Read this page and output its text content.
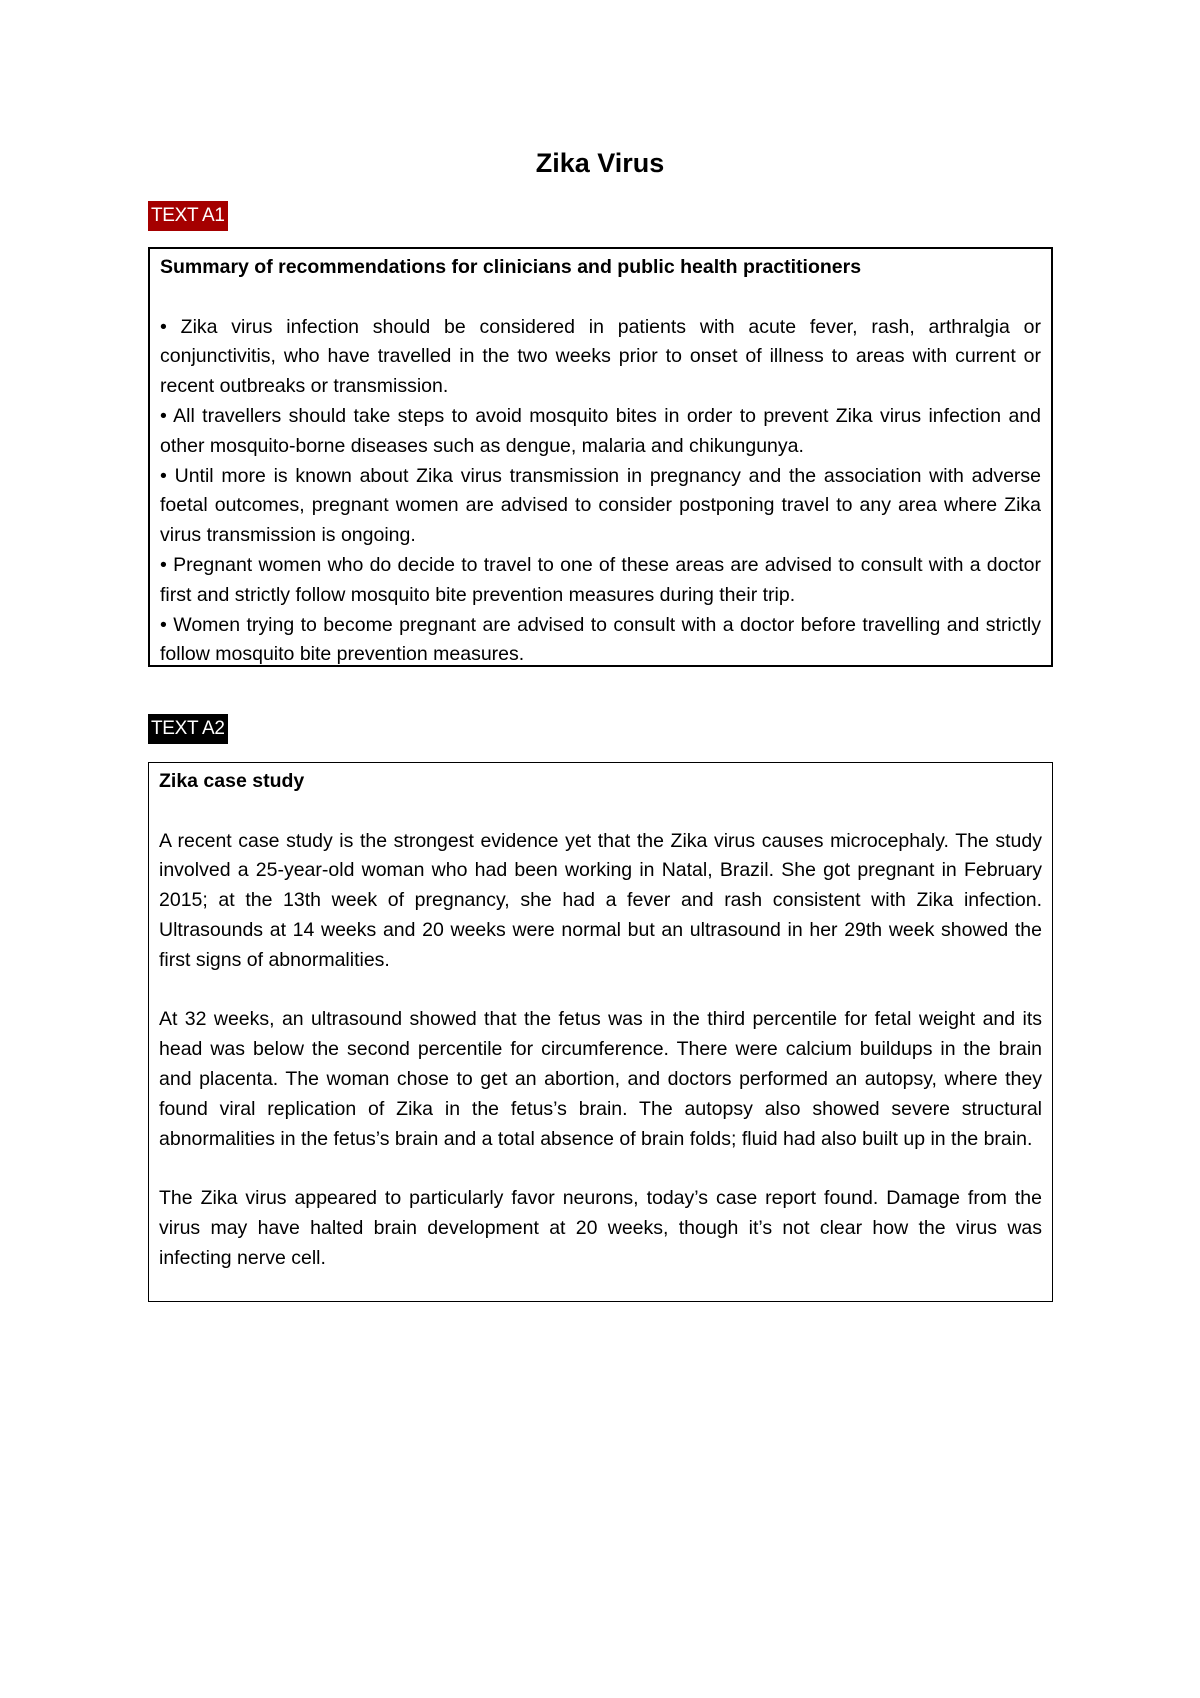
Zika Virus
TEXT A1

Summary of recommendations for clinicians and public health practitioners

• Zika virus infection should be considered in patients with acute fever, rash, arthralgia or conjunctivitis, who have travelled in the two weeks prior to onset of illness to areas with current or recent outbreaks or transmission.

• All travellers should take steps to avoid mosquito bites in order to prevent Zika virus infection and other mosquito-borne diseases such as dengue, malaria and chikungunya.

• Until more is known about Zika virus transmission in pregnancy and the association with adverse foetal outcomes, pregnant women are advised to consider postponing travel to any area where Zika virus transmission is ongoing.

• Pregnant women who do decide to travel to one of these areas are advised to consult with a doctor first and strictly follow mosquito bite prevention measures during their trip.

• Women trying to become pregnant are advised to consult with a doctor before travelling and strictly follow mosquito bite prevention measures.

TEXT A2

Zika case study

A recent case study is the strongest evidence yet that the Zika virus causes microcephaly. The study involved a 25-year-old woman who had been working in Natal, Brazil. She got pregnant in February 2015; at the 13th week of pregnancy, she had a fever and rash consistent with Zika infection. Ultrasounds at 14 weeks and 20 weeks were normal but an ultrasound in her 29th week showed the first signs of abnormalities.

At 32 weeks, an ultrasound showed that the fetus was in the third percentile for fetal weight and its head was below the second percentile for circumference. There were calcium buildups in the brain and placenta. The woman chose to get an abortion, and doctors performed an autopsy, where they found viral replication of Zika in the fetus’s brain. The autopsy also showed severe structural abnormalities in the fetus’s brain and a total absence of brain folds; fluid had also built up in the brain.

The Zika virus appeared to particularly favor neurons, today’s case report found. Damage from the virus may have halted brain development at 20 weeks, though it’s not clear how the virus was infecting nerve cell.
